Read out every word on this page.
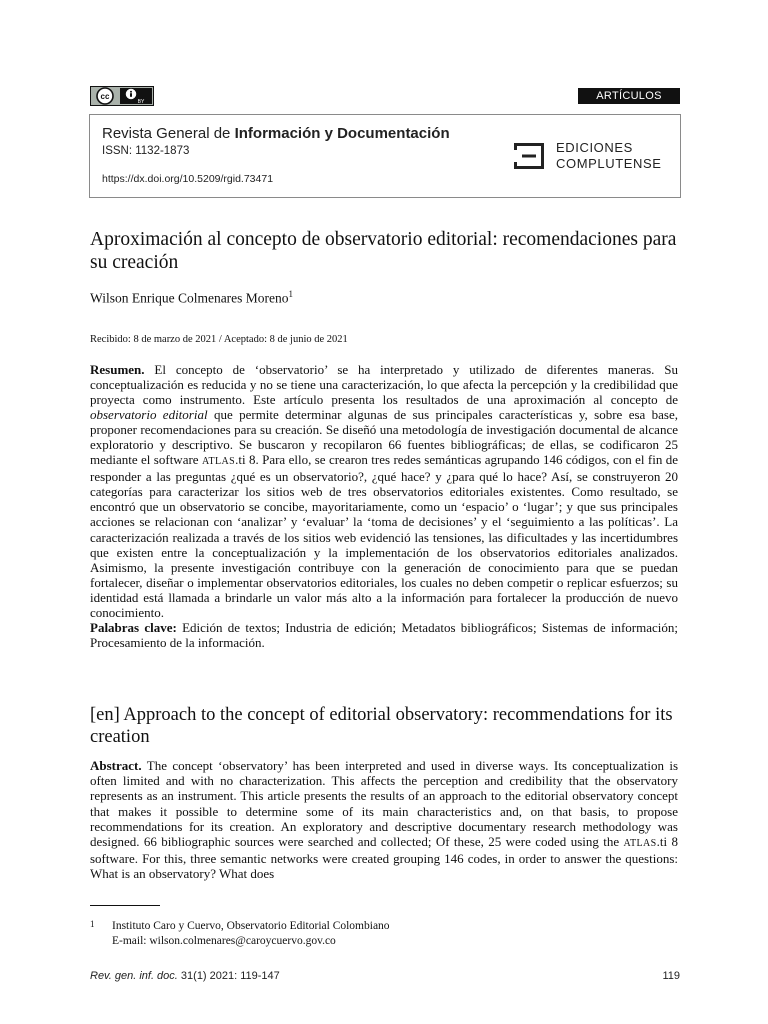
cc
BY	ARTÍCULOS
Revista General de Información y Documentación
ISSN: 1132-1873
https://dx.doi.org/10.5209/rgid.73471
EDICIONES
COMPLUTENSE
Aproximación al concepto de observatorio editorial: recomendaciones para su creación
Wilson Enrique Colmenares Moreno$^1$
Recibido: 8 de marzo de 2021 / Aceptado: 8 de junio de 2021

Resumen. El concepto de ‘observatorio’ se ha interpretado y utilizado de diferentes maneras. Su conceptualización es reducida y no se tiene una caracterización, lo que afecta la percepción y la credibilidad que proyecta como instrumento. Este artículo presenta los resultados de una aproximación al concepto de observatorio editorial que permite determinar algunas de sus principales características y, sobre esa base, proponer recomendaciones para su creación. Se diseñó una metodología de investigación documental de alcance exploratorio y descriptivo. Se buscaron y recopilaron 66 fuentes bibliográficas; de ellas, se codificaron 25 mediante el software ATLAS.ti 8. Para ello, se crearon tres redes semánticas agrupando 146 códigos, con el fin de responder a las preguntas ¿qué es un observatorio?, ¿qué hace? y ¿para qué lo hace? Así, se construyeron 20 categorías para caracterizar los sitios web de tres observatorios editoriales existentes. Como resultado, se encontró que un observatorio se concibe, mayoritariamente, como un ‘espacio’ o ‘lugar’; y que sus principales acciones se relacionan con ‘analizar’ y ‘evaluar’ la ‘toma de decisiones’ y el ‘seguimiento a las políticas’. La caracterización realizada a través de los sitios web evidenció las tensiones, las dificultades y las incertidumbres que existen entre la conceptualización y la implementación de los observatorios editoriales analizados. Asimismo, la presente investigación contribuye con la generación de conocimiento para que se puedan fortalecer, diseñar o implementar observatorios editoriales, los cuales no deben competir o replicar esfuerzos; su identidad está llamada a brindarle un valor más alto a la información para fortalecer la producción de nuevo conocimiento.

Palabras clave: Edición de textos; Industria de edición; Metadatos bibliográficos; Sistemas de información; Procesamiento de la información.

[en] Approach to the concept of editorial observatory: recommendations for its creation

Abstract. The concept ‘observatory’ has been interpreted and used in diverse ways. Its conceptualization is often limited and with no characterization. This affects the perception and credibility that the observatory represents as an instrument. This article presents the results of an approach to the editorial observatory concept that makes it possible to determine some of its main characteristics and, on that basis, to propose recommendations for its creation. An exploratory and descriptive documentary research methodology was designed. 66 bibliographic sources were searched and collected; Of these, 25 were coded using the ATLAS.ti 8 software. For this, three semantic networks were created grouping 146 codes, in order to answer the questions: What is an observatory? What does

1 Instituto Caro y Cuervo, Observatorio Editorial Colombiano
E-mail: wilson.colmenares@caroycuervo.gov.co
Rev. gen. inf. doc. 31(1) 2021: 119-147	119
